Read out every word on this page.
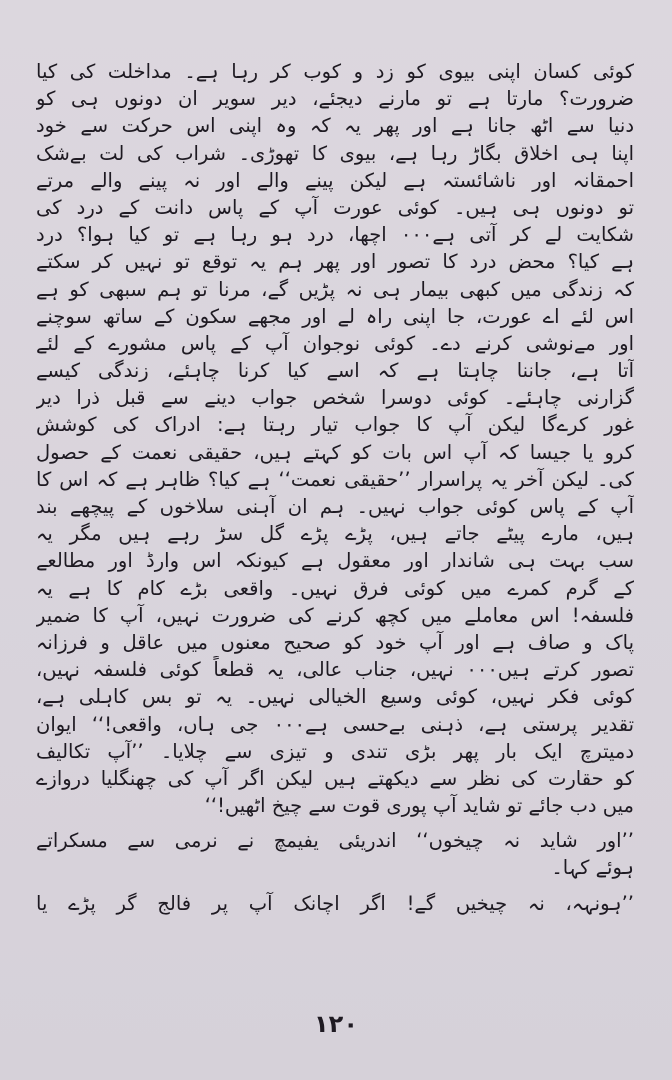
کوئی کسان اپنی بیوی کو زد و کوب کر رہا ہے۔ مداخلت کی کیا
ضرورت؟ مارتا ہے تو مارنے دیجئے، دیر سویر ان دونوں ہی کو
دنیا سے اٹھ جانا ہے اور پھر یہ کہ وہ اپنی اس حرکت سے خود
اپنا ہی اخلاق بگاڑ رہا ہے، بیوی کا تھوڑی۔ شراب کی لت بےشک
احمقانہ اور ناشائستہ ہے لیکن پینے والے اور نہ پینے والے مرتے
تو دونوں ہی ہیں۔ کوئی عورت آپ کے پاس دانت کے درد کی
شکایت لے کر آتی ہے۰۰۰ اچھا، درد ہو رہا ہے تو کیا ہوا؟ درد
ہے کیا؟ محض درد کا تصور اور پھر ہم یہ توقع تو نہیں کر سکتے
کہ زندگی میں کبھی بیمار ہی نہ پڑیں گے، مرنا تو ہم سبھی کو ہے
اس لئے اے عورت، جا اپنی راہ لے اور مجھے سکون کے ساتھ سوچنے
اور مےنوشی کرنے دے۔ کوئی نوجوان آپ کے پاس مشورے کے لئے
آتا ہے، جاننا چاہتا ہے کہ اسے کیا کرنا چاہئے، زندگی کیسے
گزارنی چاہئے۔ کوئی دوسرا شخص جواب دینے سے قبل ذرا دیر
غور کرےگا لیکن آپ کا جواب تیار رہتا ہے: ادراک کی کوشش
کرو یا جیسا کہ آپ اس بات کو کہتے ہیں، حقیقی نعمت کے حصول
کی۔ لیکن آخر یہ پراسرار ’’حقیقی نعمت‘‘ ہے کیا؟ ظاہر ہے کہ اس کا
آپ کے پاس کوئی جواب نہیں۔ ہم ان آہنی سلاخوں کے پیچھے بند
ہیں، مارے پیٹے جاتے ہیں، پڑے پڑے گل سڑ رہے ہیں مگر یہ
سب بہت ہی شاندار اور معقول ہے کیونکہ اس وارڈ اور مطالعے
کے گرم کمرے میں کوئی فرق نہیں۔ واقعی بڑے کام کا ہے یہ
فلسفہ! اس معاملے میں کچھ کرنے کی ضرورت نہیں، آپ کا ضمیر
پاک و صاف ہے اور آپ خود کو صحیح معنوں میں عاقل و فرزانہ
تصور کرتے ہیں۰۰۰ نہیں، جناب عالی، یہ قطعاً کوئی فلسفہ نہیں،
کوئی فکر نہیں، کوئی وسیع الخیالی نہیں۔ یہ تو بس کاہلی ہے،
تقدیر پرستی ہے، ذہنی بےحسی ہے۰۰۰ جی ہاں، واقعی!‘‘ ایوان
دمیترچ ایک بار پھر بڑی تندی و تیزی سے چلایا۔ ’’آپ تکالیف
کو حقارت کی نظر سے دیکھتے ہیں لیکن اگر آپ کی چھنگلیا دروازے
میں دب جائے تو شاید آپ پوری قوت سے چیخ اٹھیں!‘‘
’’اور شاید نہ چیخوں‘‘ اندریئی یفیمچ نے نرمی سے مسکراتے
ہوئے کہا۔
’’ہونہہ، نہ چیخیں گے! اگر اچانک آپ پر فالج گر پڑے یا
۱۲۰
